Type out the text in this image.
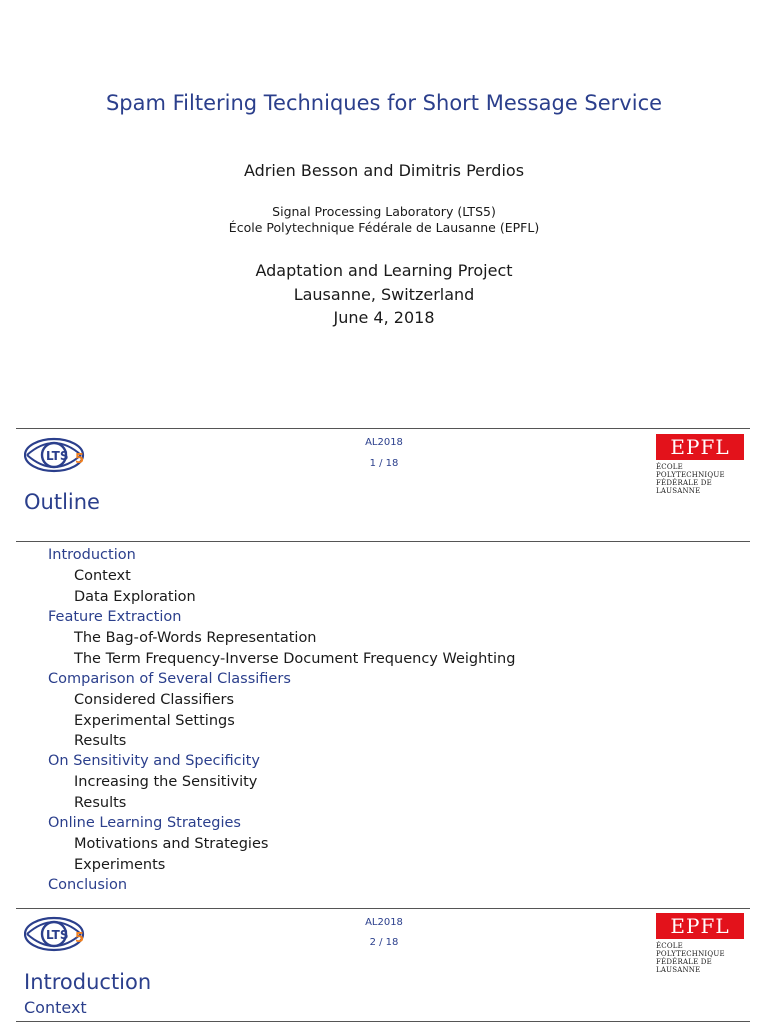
Spam Filtering Techniques for Short Message Service
Adrien Besson and Dimitris Perdios
Signal Processing Laboratory (LTS5)
École Polytechnique Fédérale de Lausanne (EPFL)
Adaptation and Learning Project
Lausanne, Switzerland
June 4, 2018
LTS 5
AL2018
1 / 18
EPFL
ÉCOLE POLYTECHNIQUE
FÉDÉRALE DE LAUSANNE
Outline
Introduction
Context
Data Exploration
Feature Extraction
The Bag-of-Words Representation
The Term Frequency-Inverse Document Frequency Weighting
Comparison of Several Classifiers
Considered Classifiers
Experimental Settings
Results
On Sensitivity and Specificity
Increasing the Sensitivity
Results
Online Learning Strategies
Motivations and Strategies
Experiments
Conclusion
LTS 5
AL2018
2 / 18
EPFL
ÉCOLE POLYTECHNIQUE
FÉDÉRALE DE LAUSANNE
Introduction
Context
